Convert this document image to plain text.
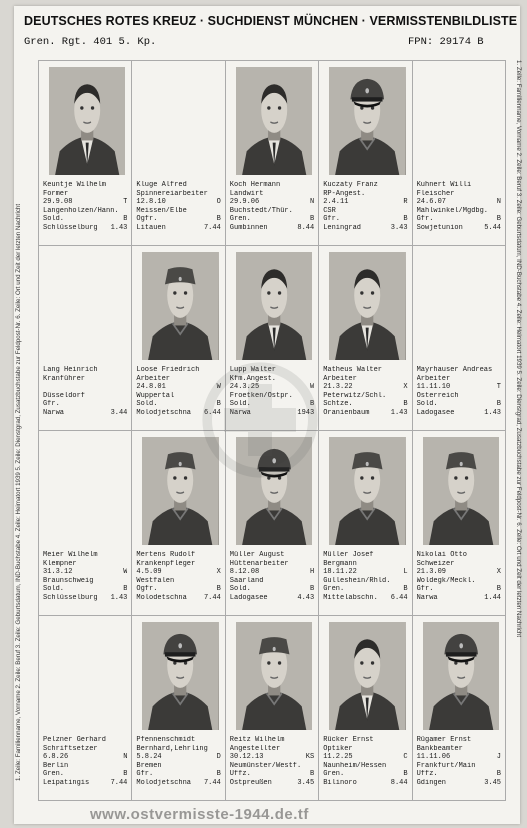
DEUTSCHES ROTES KREUZ · SUCHDIENST MÜNCHEN · VERMISSTENBILDLISTE
Gren. Rgt. 401 5. Kp.	FPN: 29174 B
1. Zeile: Familienname, Vorname 2. Zeile: Beruf 3. Zeile: Geburtsdatum, IND-Buchstabe 4. Zeile: Heimatort 1939 5. Zeile: Dienstgrad, Zusatzbuchstabe zur Feldpost-Nr. 6. Zeile: Ort und Zeit der letzten Nachricht	1. Zeile: Familienname, Vorname 2. Zeile: Beruf 3. Zeile: Geburtsdatum, IND-Buchstabe 4. Zeile: Heimatort 1939 5. Zeile: Dienstgrad, Zusatzbuchstabe zur Feldpost-Nr. 6. Zeile: Ort und Zeit der letzten Nachricht
Keuntje Wilhelm
Former
29.9.08	T
Langenholzen/Hann.
Sold.	B
Schlüsselburg 1.43
Kluge Alfred
Spinnereiarbeiter
12.8.10	O
Meissen/Elbe
Ogfr.	B
Litauen	7.44
Koch Hermann
Landwirt
29.9.06	N
Buchstedt/Thür.
Gren.	B
Gumbinnen	8.44
Kuczaty Franz
RP-Angest.
2.4.11	R
CSR
Gfr.	B
Leningrad	3.43
Kuhnert Willi
Fleischer
24.6.07	N
Mahlwinkel/Mgdbg.
Gfr.	B
Sowjetunion	5.44
Lang Heinrich
Kranführer
Düsseldorf
Gfr.
Narwa	3.44
Loose Friedrich
Arbeiter
24.8.01	W
Wuppertal
Sold.	B
Molodjetschna 6.44
Lupp Walter
Kfm.Angest.
24.3.25	W
Froetken/Ostpr.
Sold.	B
Narwa	1943
Matheus Walter
Arbeiter
21.3.22	X
Peterwitz/Schl.
Schtze.	B
Oranienbaum	1.43
Mayrhauser Andreas
Arbeiter
11.11.10	T
Österreich
Sold.	B
Ladogasee	1.43
Meier Wilhelm
Klempner
31.3.12	W
Braunschweig
Sold.	B
Schlüsselburg 1.43
Mertens Rudolf
Krankenpfleger
4.5.09	X
Westfalen
Ogfr.	B
Molodetschna 7.44
Müller August
Hüttenarbeiter
8.12.08	H
Saarland
Sold.	B
Ladogasee	4.43
Müller Josef
Bergmann
18.11.22	L
Gulleshein/Rhld.
Gren.	B
Mittelabschn. 6.44
Nikolai Otto
Schweizer
21.3.09	X
Woldegk/Meckl.
Gfr.	B
Narwa	1.44
Pelzner Gerhard
Schriftsetzer
6.8.26	N
Berlin
Gren.	B
Leipatingis	7.44
Pfennenschmidt
Bernhard,Lehrling
5.8.24	D
Bremen
Gfr.	B
Molodjetschna 7.44
Reitz Wilhelm
Angestellter
30.12.13	KS
Neumünster/Westf.
Uffz.	B
Ostpreußen	3.45
Rücker Ernst
Optiker
11.2.25	C
Naunheim/Hessen
Gren.	B
Bilinoro	8.44
Rügamer Ernst
Bankbeamter
11.11.06	J
Frankfurt/Main
Uffz.	B
Gdingen	3.45
www.ostvermisste-1944.de.tf
